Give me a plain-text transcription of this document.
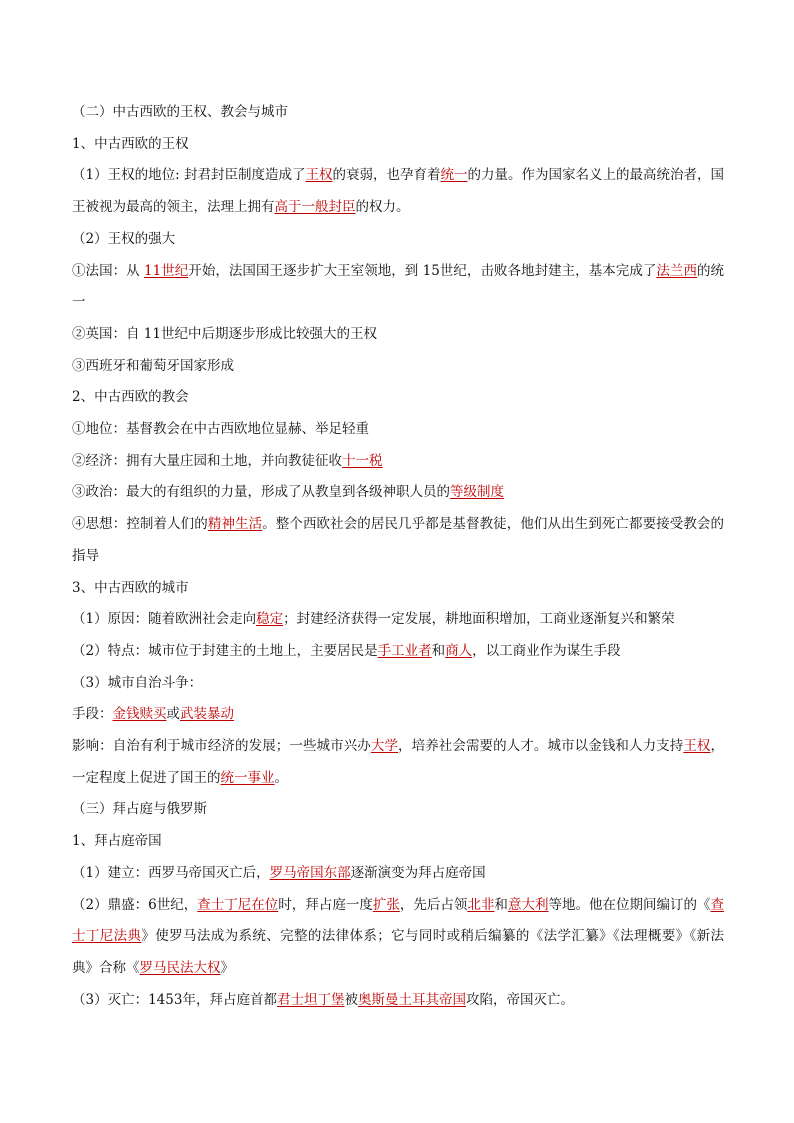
（二）中古西欧的王权、教会与城市

1、中古西欧的王权

（1）王权的地位: 封君封臣制度造成了王权的衰弱，也孕育着统一的力量。作为国家名义上的最高统治者，国王被视为最高的领主，法理上拥有高于一般封臣的权力。

（2）王权的强大

①法国：从 11世纪开始，法国国王逐步扩大王室领地，到 15世纪，击败各地封建主，基本完成了法兰西的统一

②英国：自 11世纪中后期逐步形成比较强大的王权

③西班牙和葡萄牙国家形成

2、中古西欧的教会

①地位：基督教会在中古西欧地位显赫、举足轻重

②经济：拥有大量庄园和土地，并向教徒征收十一税

③政治：最大的有组织的力量，形成了从教皇到各级神职人员的等级制度

④思想：控制着人们的精神生活。整个西欧社会的居民几乎都是基督教徒，他们从出生到死亡都要接受教会的指导

3、中古西欧的城市

（1）原因：随着欧洲社会走向稳定；封建经济获得一定发展，耕地面积增加，工商业逐渐复兴和繁荣

（2）特点：城市位于封建主的土地上，主要居民是手工业者和商人，以工商业作为谋生手段

（3）城市自治斗争：

手段：金钱赎买或武装暴动

影响：自治有利于城市经济的发展；一些城市兴办大学，培养社会需要的人才。城市以金钱和人力支持王权，一定程度上促进了国王的统一事业。

（三）拜占庭与俄罗斯

1、拜占庭帝国

（1）建立：西罗马帝国灭亡后，罗马帝国东部逐渐演变为拜占庭帝国

（2）鼎盛：6世纪，查士丁尼在位时，拜占庭一度扩张，先后占领北非和意大利等地。他在位期间编订的《查士丁尼法典》使罗马法成为系统、完整的法律体系；它与同时或稍后编纂的《法学汇纂》《法理概要》《新法典》合称《罗马民法大权》

（3）灭亡：1453年，拜占庭首都君士坦丁堡被奥斯曼土耳其帝国攻陷，帝国灭亡。
